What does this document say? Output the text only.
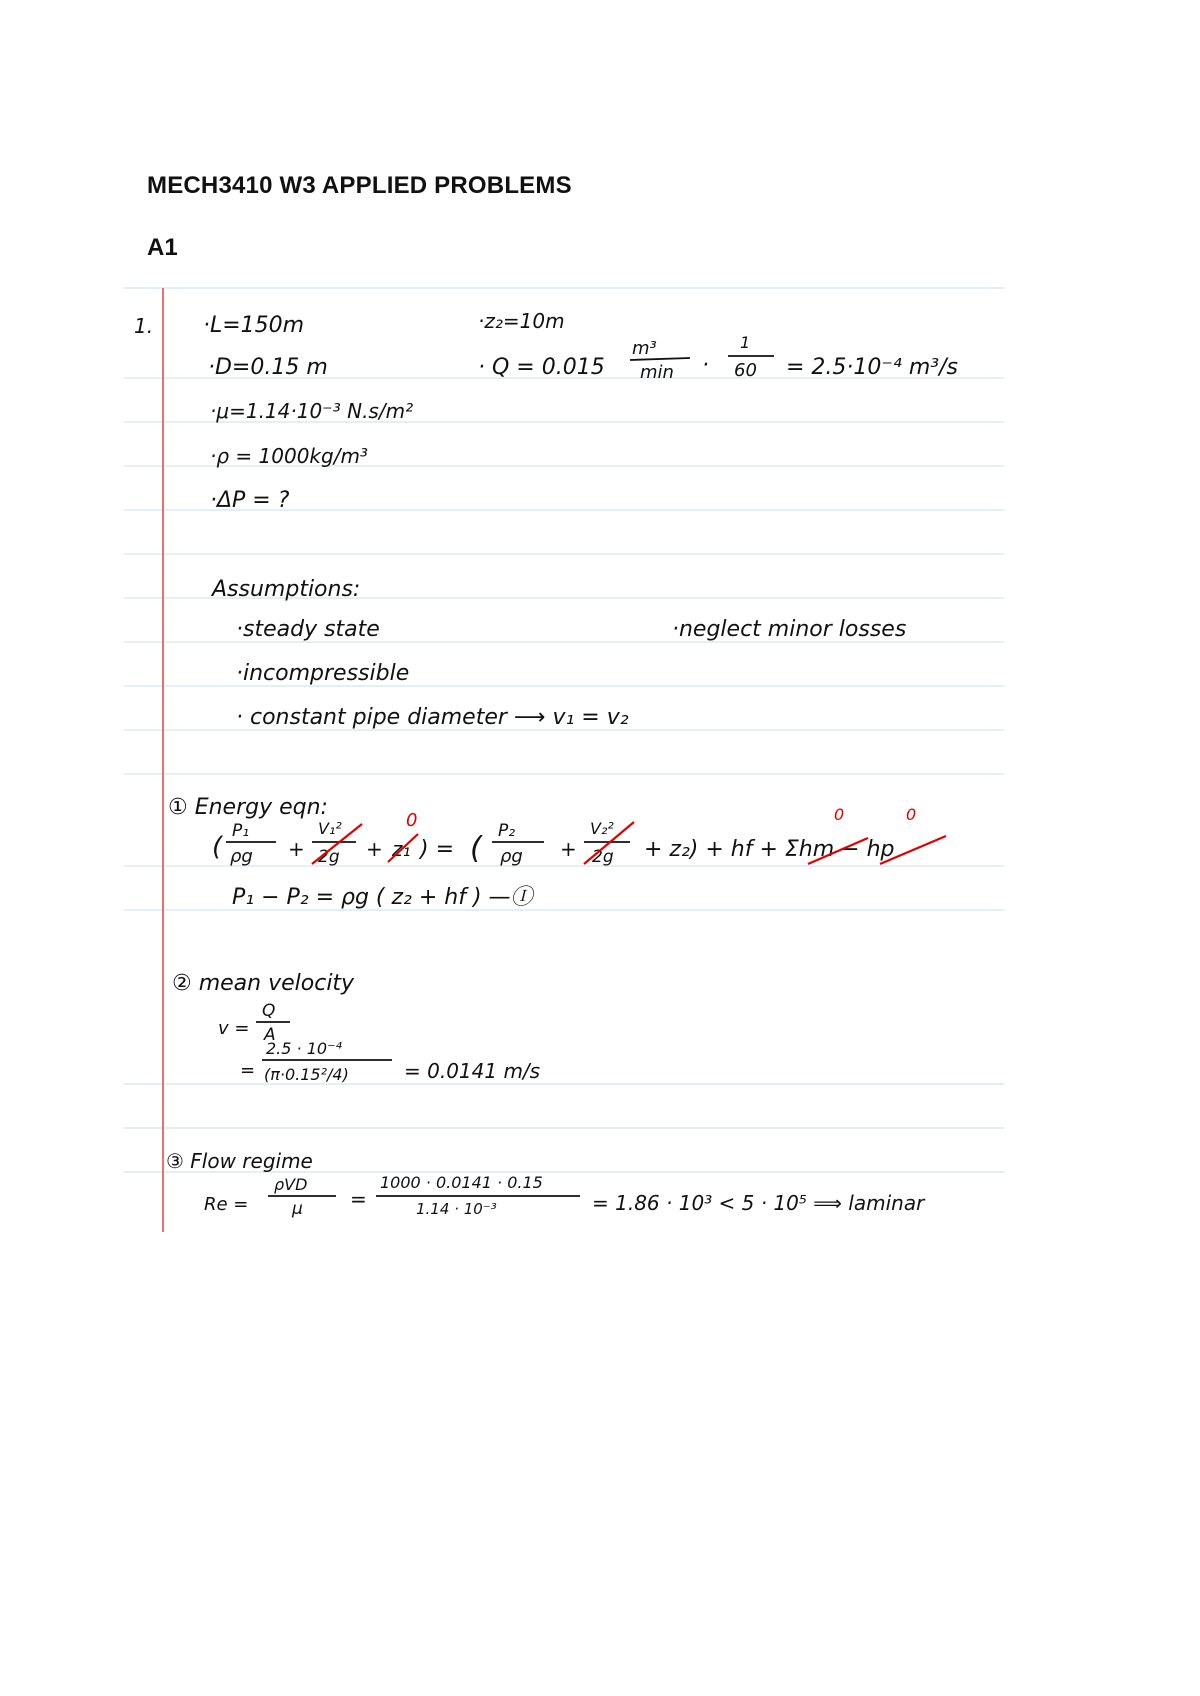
MECH3410 W3 APPLIED PROBLEMS
A1
1. ·L=150m
·D=0.15 m
·μ=1.14·10⁻³ N.s/m²
·ρ = 1000kg/m³
·ΔP = ?
·z₂=10m
· Q = 0.015
m³
min ·
1
60 = 2.5·10⁻⁴ m³/s
Assumptions:
·steady state
·incompressible
· constant pipe diameter ⟶ v₁ = v₂
·neglect minor losses
① Energy eqn:
(
P₁
ρg +
V₁²
2g + z₁ ) = ( P₂
ρg +
V₂²
2g + z₂) + hf + Σhm − hp
0	0	0
P₁ − P₂ = ρg ( z₂ + hf ) —Ⓘ
② mean velocity
v =
Q
A
2.5 · 10⁻⁴
= (π·0.15²/4)	= 0.0141 m/s
③ Flow regime
Re =
ρVD
μ =
1000 · 0.0141 · 0.15
1.14 · 10⁻³	= 1.86 · 10³ < 5 · 10⁵ ⟹ laminar
